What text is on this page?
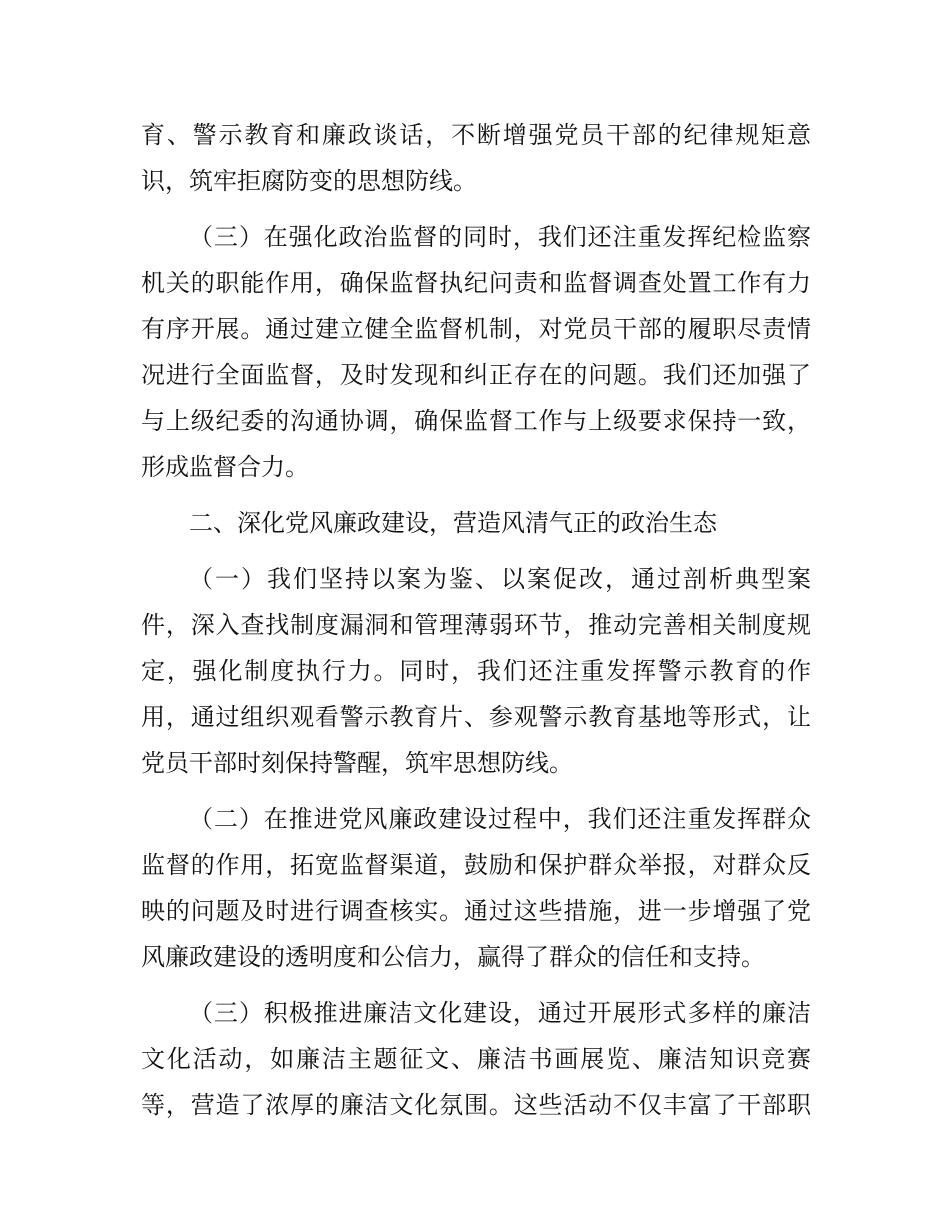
育、警示教育和廉政谈话，不断增强党员干部的纪律规矩意
识，筑牢拒腐防变的思想防线。
（三）在强化政治监督的同时，我们还注重发挥纪检监察
机关的职能作用，确保监督执纪问责和监督调查处置工作有力
有序开展。通过建立健全监督机制，对党员干部的履职尽责情
况进行全面监督，及时发现和纠正存在的问题。我们还加强了
与上级纪委的沟通协调，确保监督工作与上级要求保持一致，
形成监督合力。
二、深化党风廉政建设，营造风清气正的政治生态
（一）我们坚持以案为鉴、以案促改，通过剖析典型案
件，深入查找制度漏洞和管理薄弱环节，推动完善相关制度规
定，强化制度执行力。同时，我们还注重发挥警示教育的作
用，通过组织观看警示教育片、参观警示教育基地等形式，让
党员干部时刻保持警醒，筑牢思想防线。
（二）在推进党风廉政建设过程中，我们还注重发挥群众
监督的作用，拓宽监督渠道，鼓励和保护群众举报，对群众反
映的问题及时进行调查核实。通过这些措施，进一步增强了党
风廉政建设的透明度和公信力，赢得了群众的信任和支持。
（三）积极推进廉洁文化建设，通过开展形式多样的廉洁
文化活动，如廉洁主题征文、廉洁书画展览、廉洁知识竞赛
等，营造了浓厚的廉洁文化氛围。这些活动不仅丰富了干部职
